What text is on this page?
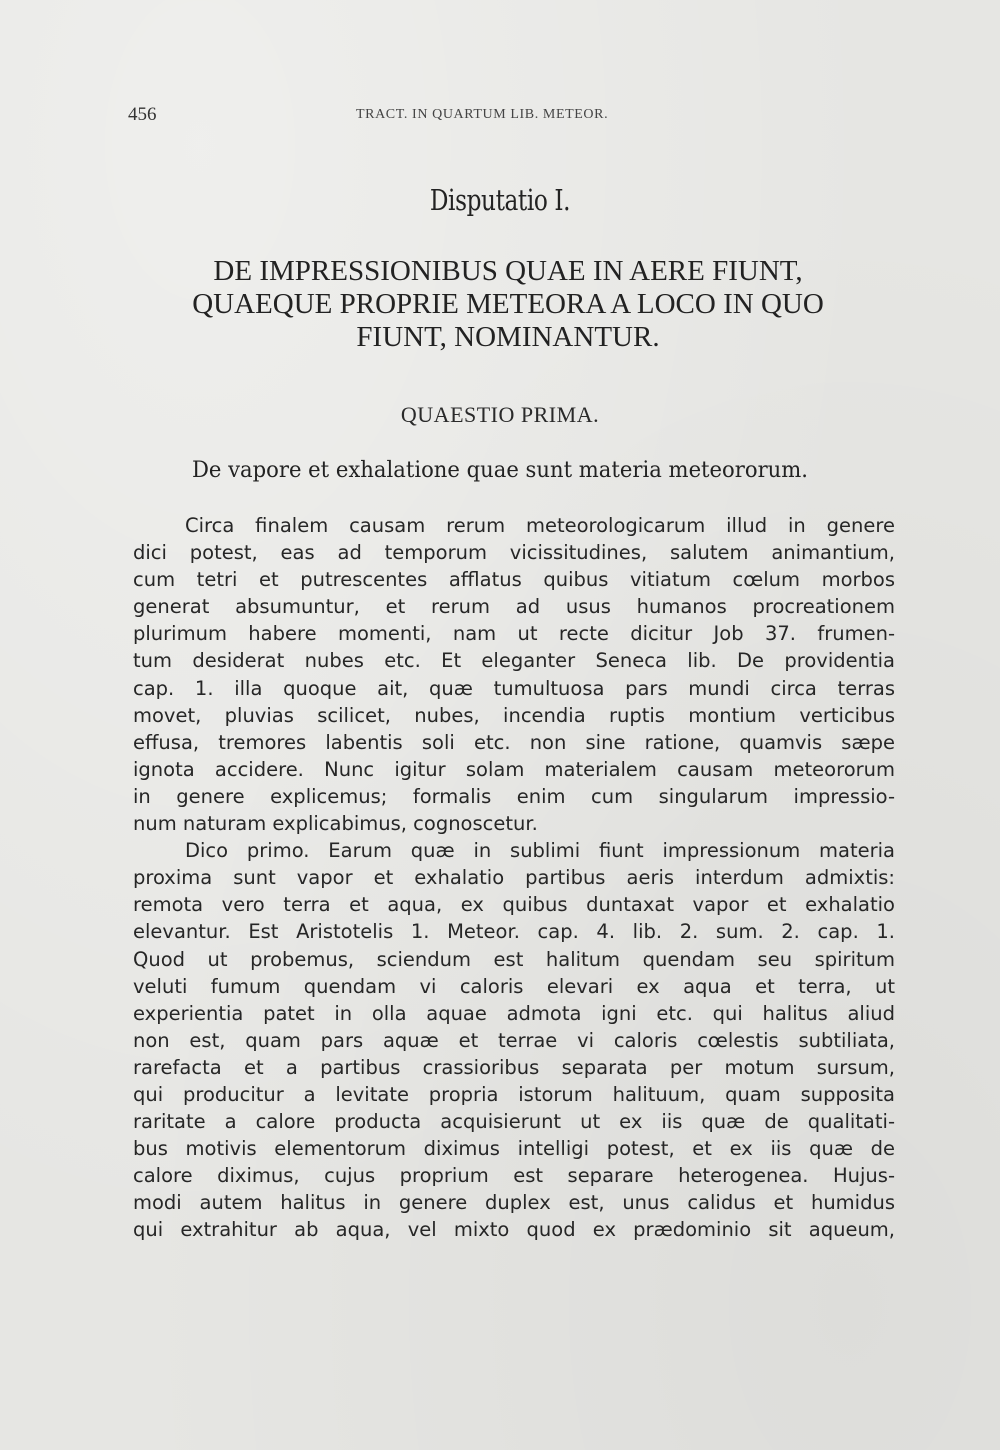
456	TRACT. IN QUARTUM LIB. METEOR.
Disputatio I.
DE IMPRESSIONIBUS QUAE IN AERE FIUNT,
QUAEQUE PROPRIE METEORA A LOCO IN QUO
FIUNT, NOMINANTUR.
QUAESTIO PRIMA.
De vapore et exhalatione quae sunt materia meteororum.
Circa finalem causam rerum meteorologicarum illud in genere
dici potest, eas ad temporum vicissitudines, salutem animantium,
cum tetri et putrescentes afflatus quibus vitiatum cœlum morbos
generat absumuntur, et rerum ad usus humanos procreationem
plurimum habere momenti, nam ut recte dicitur Job 37. frumen-
tum desiderat nubes etc. Et eleganter Seneca lib. De providentia
cap. 1. illa quoque ait, quæ tumultuosa pars mundi circa terras
movet, pluvias scilicet, nubes, incendia ruptis montium verticibus
effusa, tremores labentis soli etc. non sine ratione, quamvis sæpe
ignota accidere. Nunc igitur solam materialem causam meteororum
in genere explicemus; formalis enim cum singularum impressio-
num naturam explicabimus, cognoscetur.
Dico primo. Earum quæ in sublimi fiunt impressionum materia
proxima sunt vapor et exhalatio partibus aeris interdum admixtis:
remota vero terra et aqua, ex quibus duntaxat vapor et exhalatio
elevantur. Est Aristotelis 1. Meteor. cap. 4. lib. 2. sum. 2. cap. 1.
Quod ut probemus, sciendum est halitum quendam seu spiritum
veluti fumum quendam vi caloris elevari ex aqua et terra, ut
experientia patet in olla aquae admota igni etc. qui halitus aliud
non est, quam pars aquæ et terrae vi caloris cœlestis subtiliata,
rarefacta et a partibus crassioribus separata per motum sursum,
qui producitur a levitate propria istorum halituum, quam supposita
raritate a calore producta acquisierunt ut ex iis quæ de qualitati-
bus motivis elementorum diximus intelligi potest, et ex iis quæ de
calore diximus, cujus proprium est separare heterogenea. Hujus-
modi autem halitus in genere duplex est, unus calidus et humidus
qui extrahitur ab aqua, vel mixto quod ex prædominio sit aqueum,
